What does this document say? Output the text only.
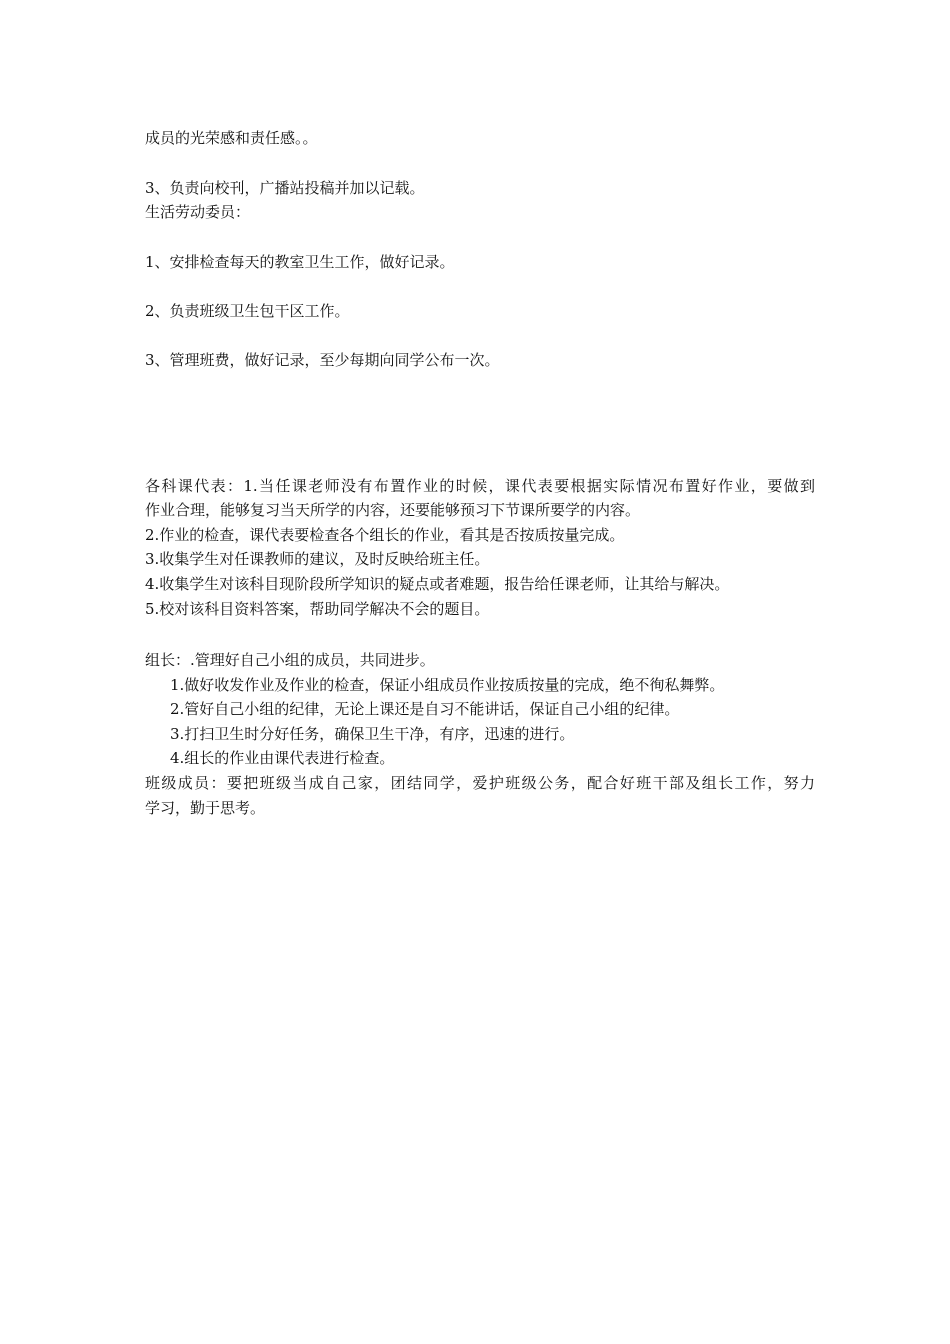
成员的光荣感和责任感。。
3、负责向校刊，广播站投稿并加以记载。
生活劳动委员：
1、安排检查每天的教室卫生工作，做好记录。
2、负责班级卫生包干区工作。
3、管理班费，做好记录，至少每期向同学公布一次。
各科课代表：1.当任课老师没有布置作业的时候，课代表要根据实际情况布置好作业，要做到
作业合理，能够复习当天所学的内容，还要能够预习下节课所要学的内容。
2.作业的检查，课代表要检查各个组长的作业，看其是否按质按量完成。
3.收集学生对任课教师的建议，及时反映给班主任。
4.收集学生对该科目现阶段所学知识的疑点或者难题，报告给任课老师，让其给与解决。
5.校对该科目资料答案，帮助同学解决不会的题目。
组长：.管理好自己小组的成员，共同进步。
1.做好收发作业及作业的检查，保证小组成员作业按质按量的完成，绝不徇私舞弊。
2.管好自己小组的纪律，无论上课还是自习不能讲话，保证自己小组的纪律。
3.打扫卫生时分好任务，确保卫生干净，有序，迅速的进行。
4.组长的作业由课代表进行检查。
班级成员：要把班级当成自己家，团结同学，爱护班级公务，配合好班干部及组长工作，努力
学习，勤于思考。
